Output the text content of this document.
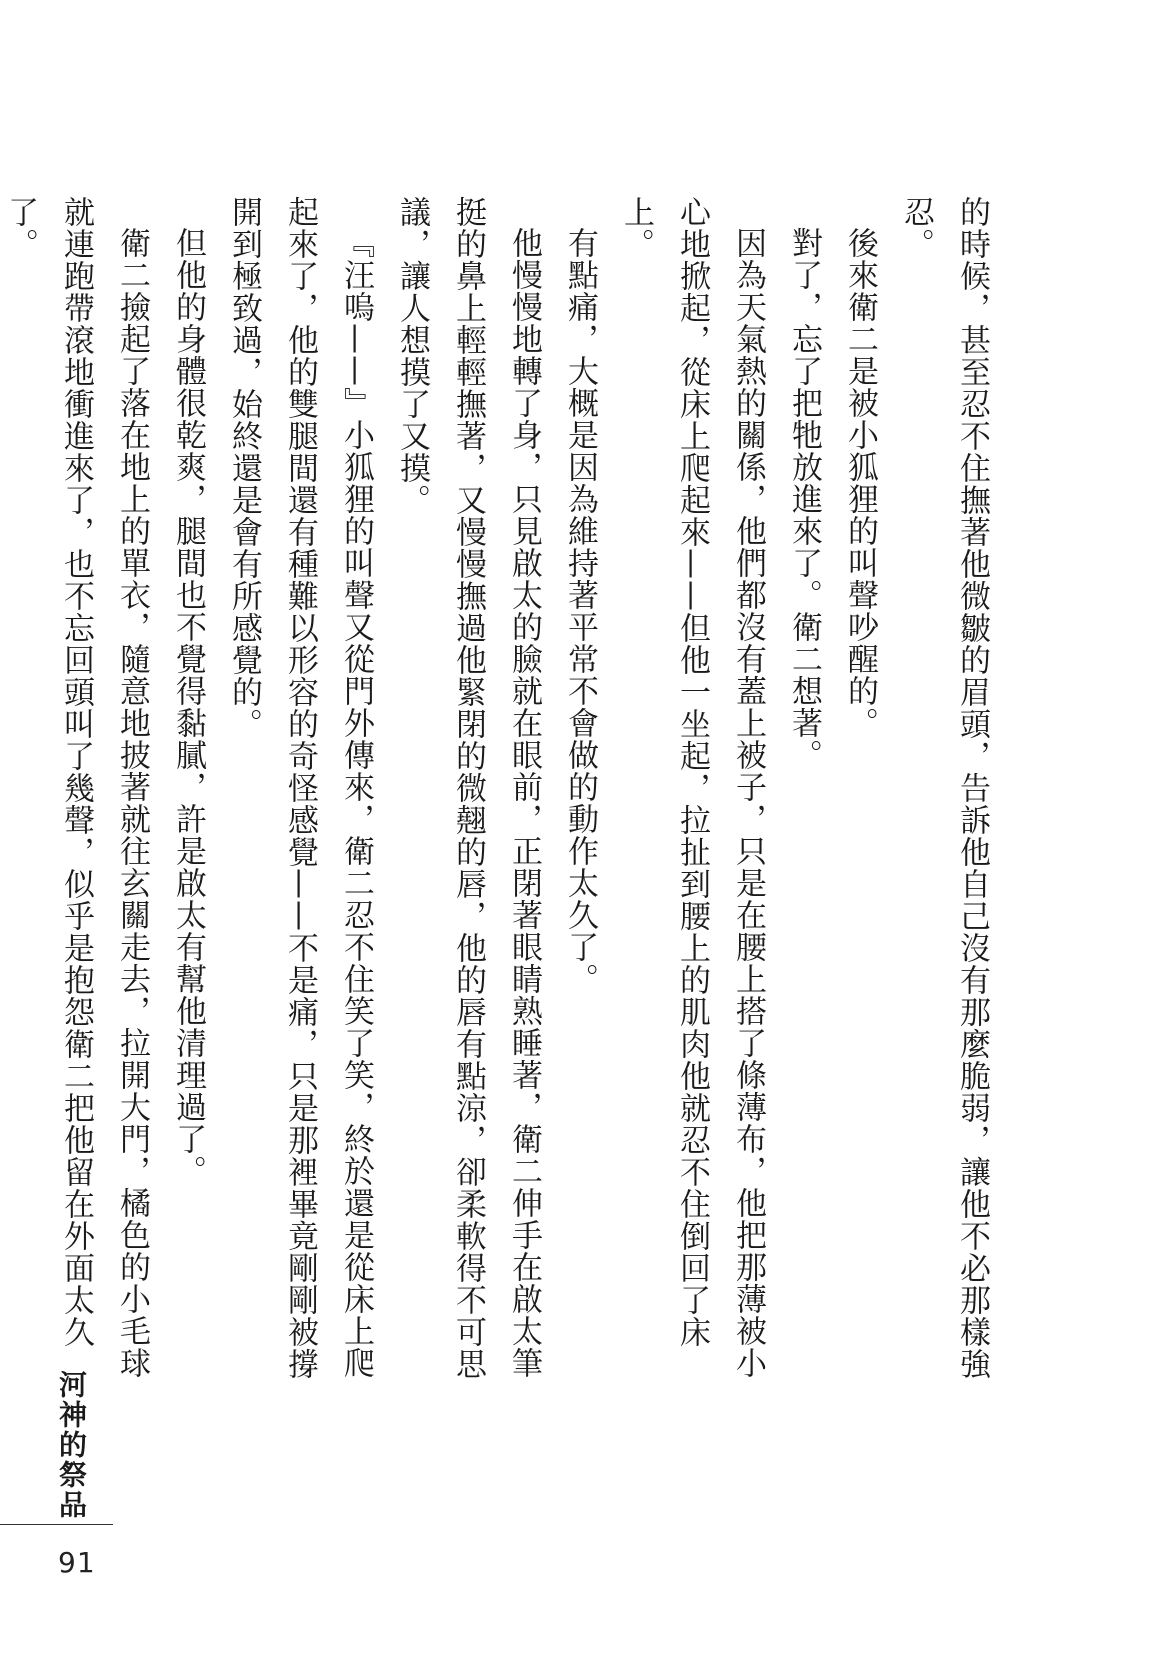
的時候，甚至忍不住撫著他微皺的眉頭，告訴他自己沒有那麼脆弱，讓他不必那樣強忍。

後來衛二是被小狐狸的叫聲吵醒的。

對了，忘了把牠放進來了。衛二想著。

因為天氣熱的關係，他們都沒有蓋上被子，只是在腰上搭了條薄布，他把那薄被小心地掀起，從床上爬起來——但他一坐起，拉扯到腰上的肌肉他就忍不住倒回了床上。

有點痛，大概是因為維持著平常不會做的動作太久了。

他慢慢地轉了身，只見啟太的臉就在眼前，正閉著眼睛熟睡著，衛二伸手在啟太筆挺的鼻上輕輕撫著，又慢慢撫過他緊閉的微翹的唇，他的唇有點涼，卻柔軟得不可思議，讓人想摸了又摸。

『汪嗚——』小狐狸的叫聲又從門外傳來，衛二忍不住笑了笑，終於還是從床上爬起來了，他的雙腿間還有種難以形容的奇怪感覺——不是痛，只是那裡畢竟剛剛被撐開到極致過，始終還是會有所感覺的。

但他的身體很乾爽，腿間也不覺得黏膩，許是啟太有幫他清理過了。

衛二撿起了落在地上的單衣，隨意地披著就往玄關走去，拉開大門，橘色的小毛球就連跑帶滾地衝進來了，也不忘回頭叫了幾聲，似乎是抱怨衛二把他留在外面太久了。

河神的祭品
91
